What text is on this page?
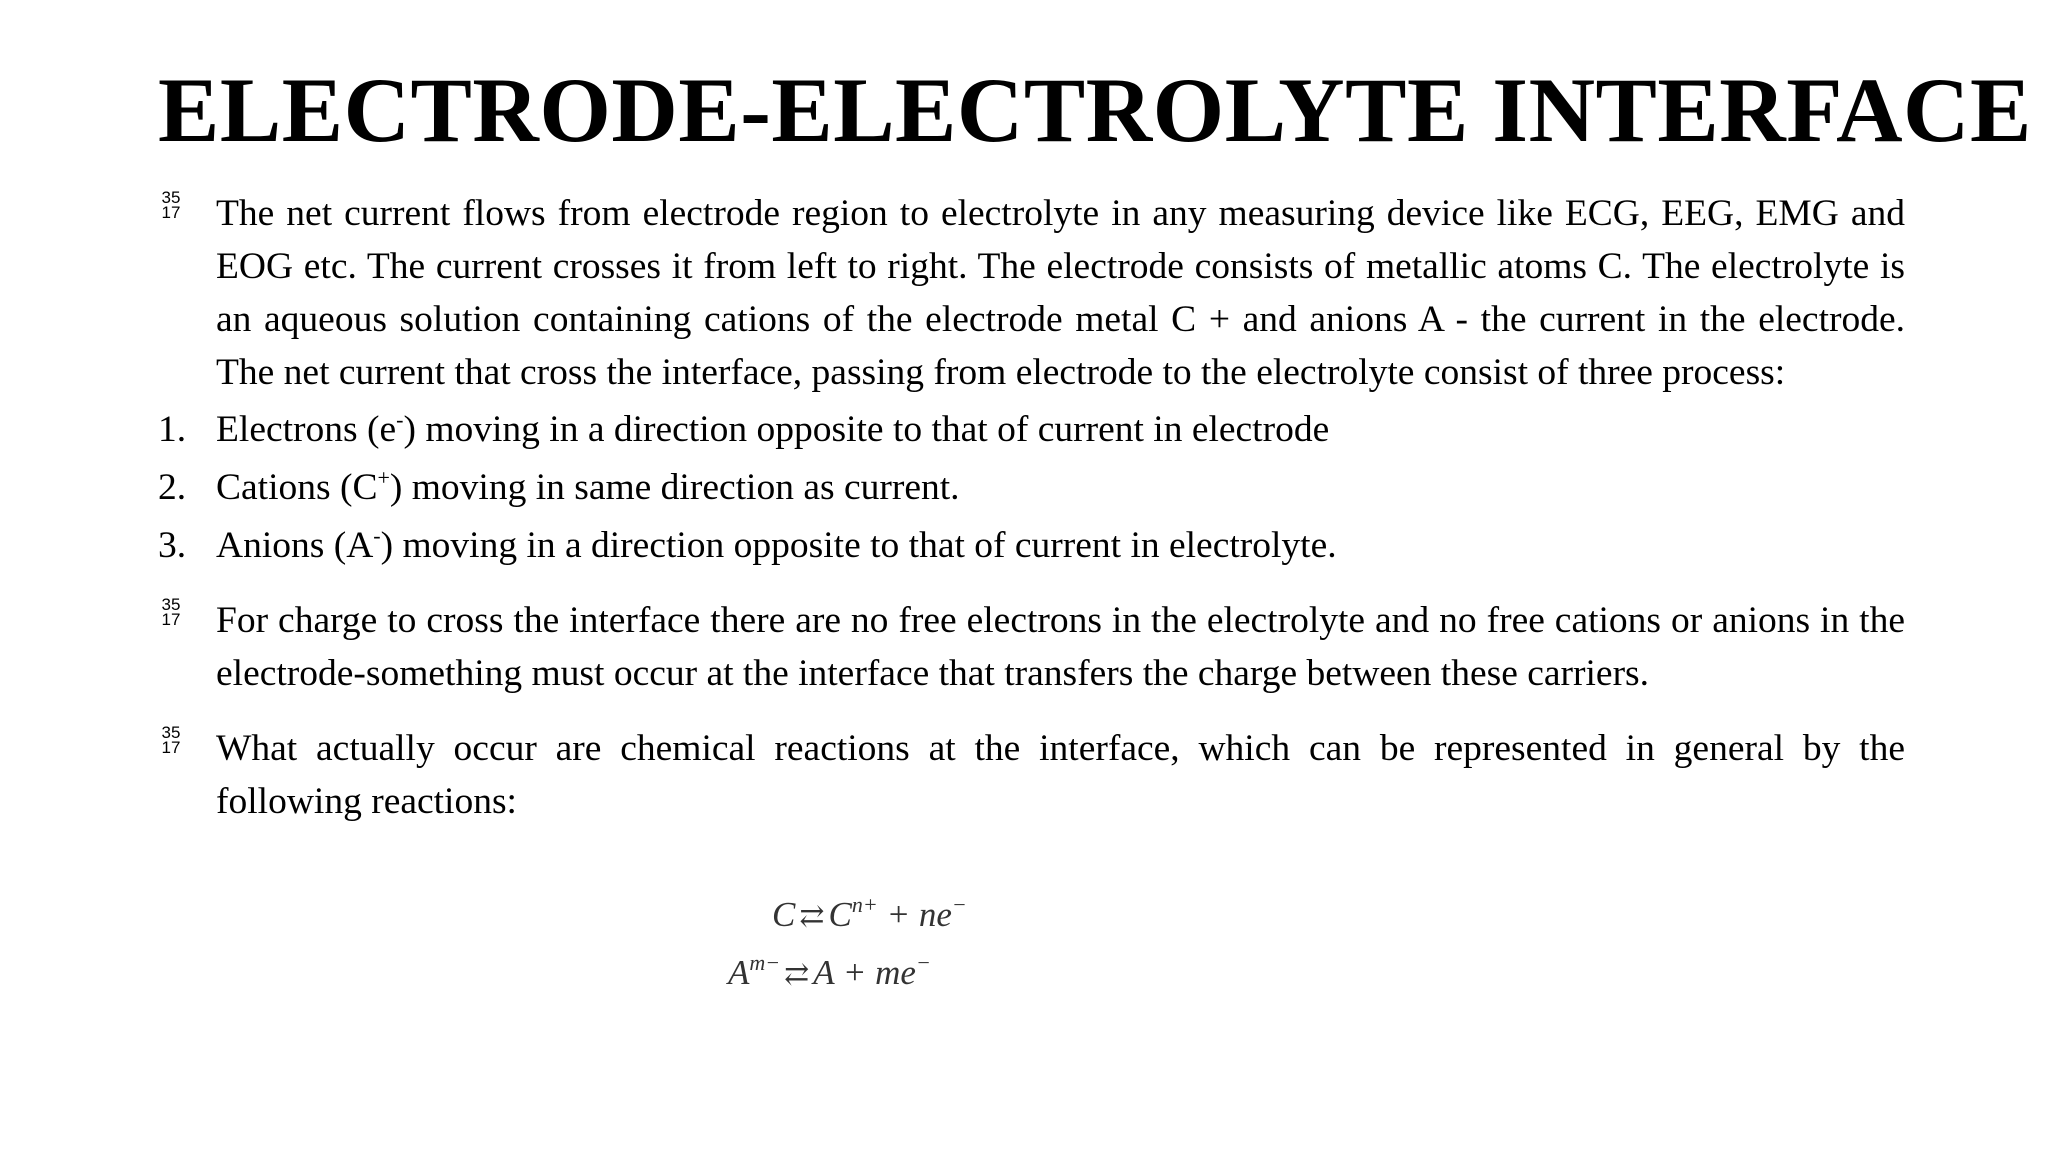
ELECTRODE-ELECTROLYTE INTERFACE
35
17 The net current flows from electrode region to electrolyte in any measuring device like ECG, EEG, EMG and EOG etc. The current crosses it from left to right. The electrode consists of metallic atoms C. The electrolyte is an aqueous solution containing cations of the electrode metal C + and anions A - the current in the electrode. The net current that cross the interface, passing from electrode to the electrolyte consist of three process:
1. Electrons (e-) moving in a direction opposite to that of current in electrode
2. Cations (C+) moving in same direction as current.
3. Anions (A-) moving in a direction opposite to that of current in electrolyte.
35
17 For charge to cross the interface there are no free electrons in the electrolyte and no free cations or anions in the electrode-something must occur at the interface that transfers the charge between these carriers.
35
17 What actually occur are chemical reactions at the interface, which can be represented in general by the following reactions:
C ⇄ $C^{n+} + ne^-$
$A^{m-}$ ⇄ A + me−
